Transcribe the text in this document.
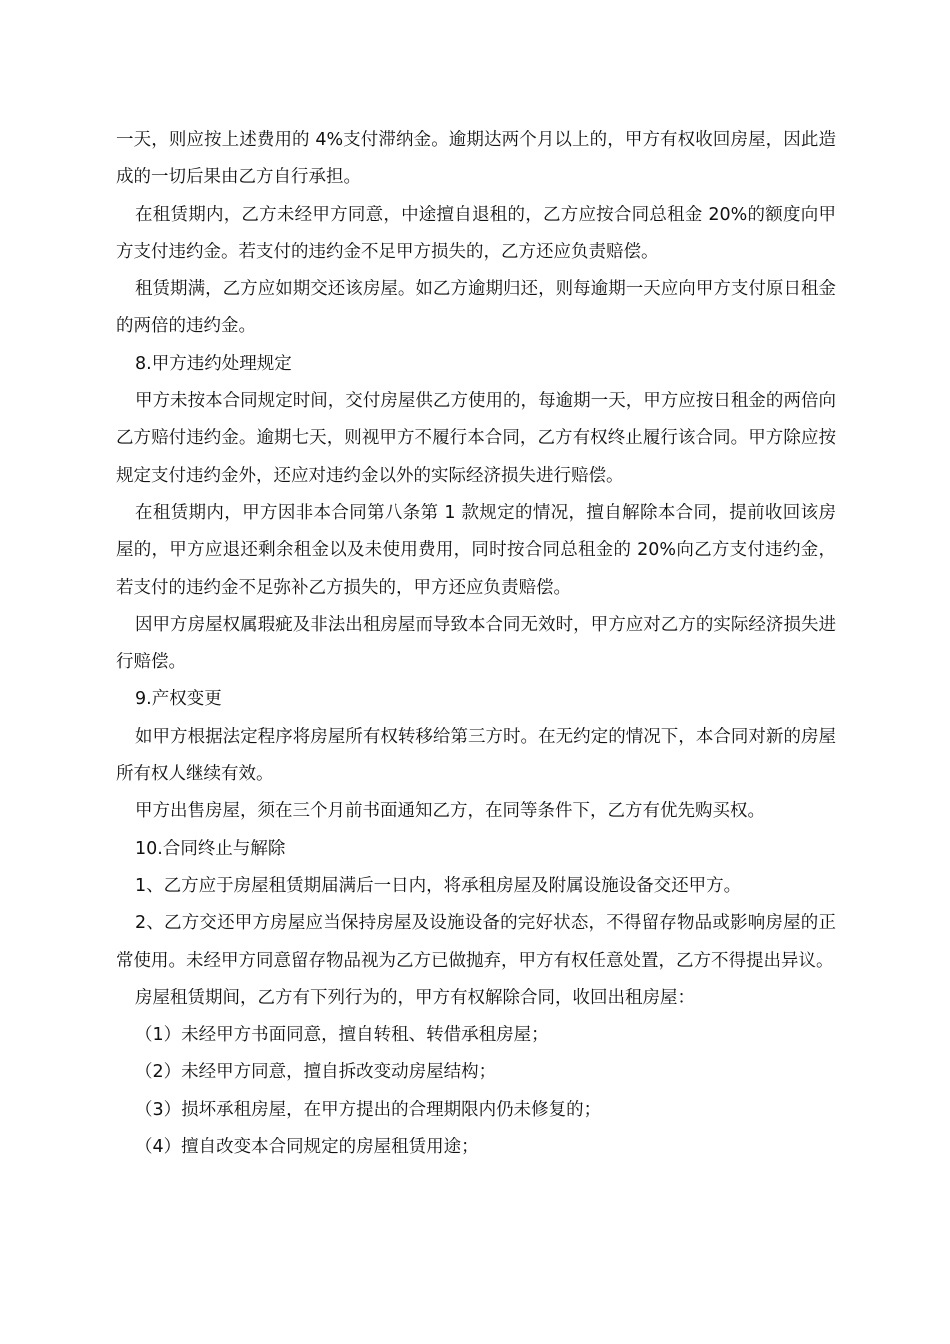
一天，则应按上述费用的 4%支付滞纳金。逾期达两个月以上的，甲方有权收回房屋，因此造成的一切后果由乙方自行承担。

在租赁期内，乙方未经甲方同意，中途擅自退租的，乙方应按合同总租金 20%的额度向甲方支付违约金。若支付的违约金不足甲方损失的，乙方还应负责赔偿。

租赁期满，乙方应如期交还该房屋。如乙方逾期归还，则每逾期一天应向甲方支付原日租金的两倍的违约金。

8.甲方违约处理规定

甲方未按本合同规定时间，交付房屋供乙方使用的，每逾期一天，甲方应按日租金的两倍向乙方赔付违约金。逾期七天，则视甲方不履行本合同，乙方有权终止履行该合同。甲方除应按规定支付违约金外，还应对违约金以外的实际经济损失进行赔偿。

在租赁期内，甲方因非本合同第八条第 1 款规定的情况，擅自解除本合同，提前收回该房屋的，甲方应退还剩余租金以及未使用费用，同时按合同总租金的 20%向乙方支付违约金，若支付的违约金不足弥补乙方损失的，甲方还应负责赔偿。

因甲方房屋权属瑕疵及非法出租房屋而导致本合同无效时，甲方应对乙方的实际经济损失进行赔偿。

9.产权变更

如甲方根据法定程序将房屋所有权转移给第三方时。在无约定的情况下，本合同对新的房屋所有权人继续有效。

甲方出售房屋，须在三个月前书面通知乙方，在同等条件下，乙方有优先购买权。

10.合同终止与解除

1、乙方应于房屋租赁期届满后一日内，将承租房屋及附属设施设备交还甲方。

2、乙方交还甲方房屋应当保持房屋及设施设备的完好状态，不得留存物品或影响房屋的正常使用。未经甲方同意留存物品视为乙方已做抛弃，甲方有权任意处置，乙方不得提出异议。

房屋租赁期间，乙方有下列行为的，甲方有权解除合同，收回出租房屋：

（1）未经甲方书面同意，擅自转租、转借承租房屋；

（2）未经甲方同意，擅自拆改变动房屋结构；

（3）损坏承租房屋，在甲方提出的合理期限内仍未修复的；

（4）擅自改变本合同规定的房屋租赁用途；
